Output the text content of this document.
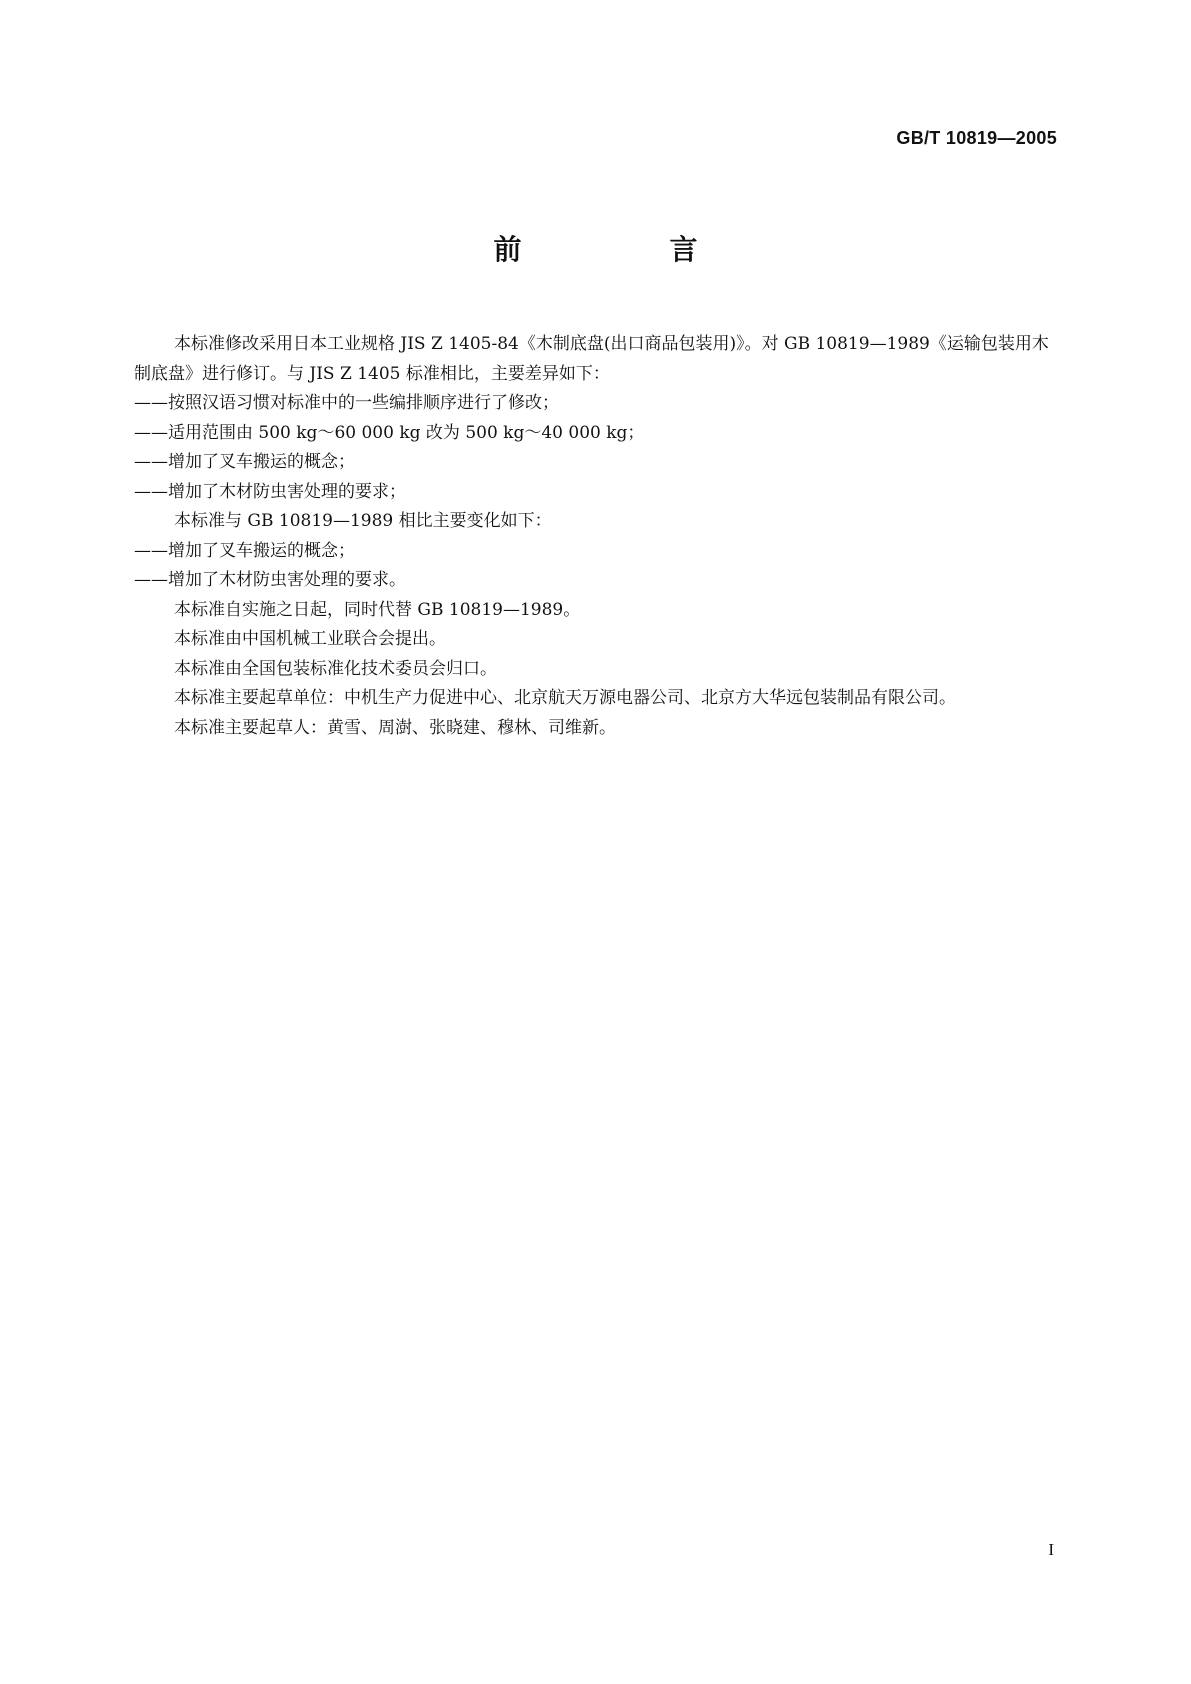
GB/T 10819—2005
前　言

本标准修改采用日本工业规格 JIS Z 1405-84《木制底盘(出口商品包装用)》。对 GB 10819—1989《运输包装用木制底盘》进行修订。与 JIS Z 1405 标准相比，主要差异如下：

——按照汉语习惯对标准中的一些编排顺序进行了修改；

——适用范围由 500 kg～60 000 kg 改为 500 kg～40 000 kg；

——增加了叉车搬运的概念；

——增加了木材防虫害处理的要求；

本标准与 GB 10819—1989 相比主要变化如下：

——增加了叉车搬运的概念；

——增加了木材防虫害处理的要求。

本标准自实施之日起，同时代替 GB 10819—1989。

本标准由中国机械工业联合会提出。

本标准由全国包装标准化技术委员会归口。

本标准主要起草单位：中机生产力促进中心、北京航天万源电器公司、北京方大华远包装制品有限公司。

本标准主要起草人：黄雪、周澍、张晓建、穆林、司维新。

I
